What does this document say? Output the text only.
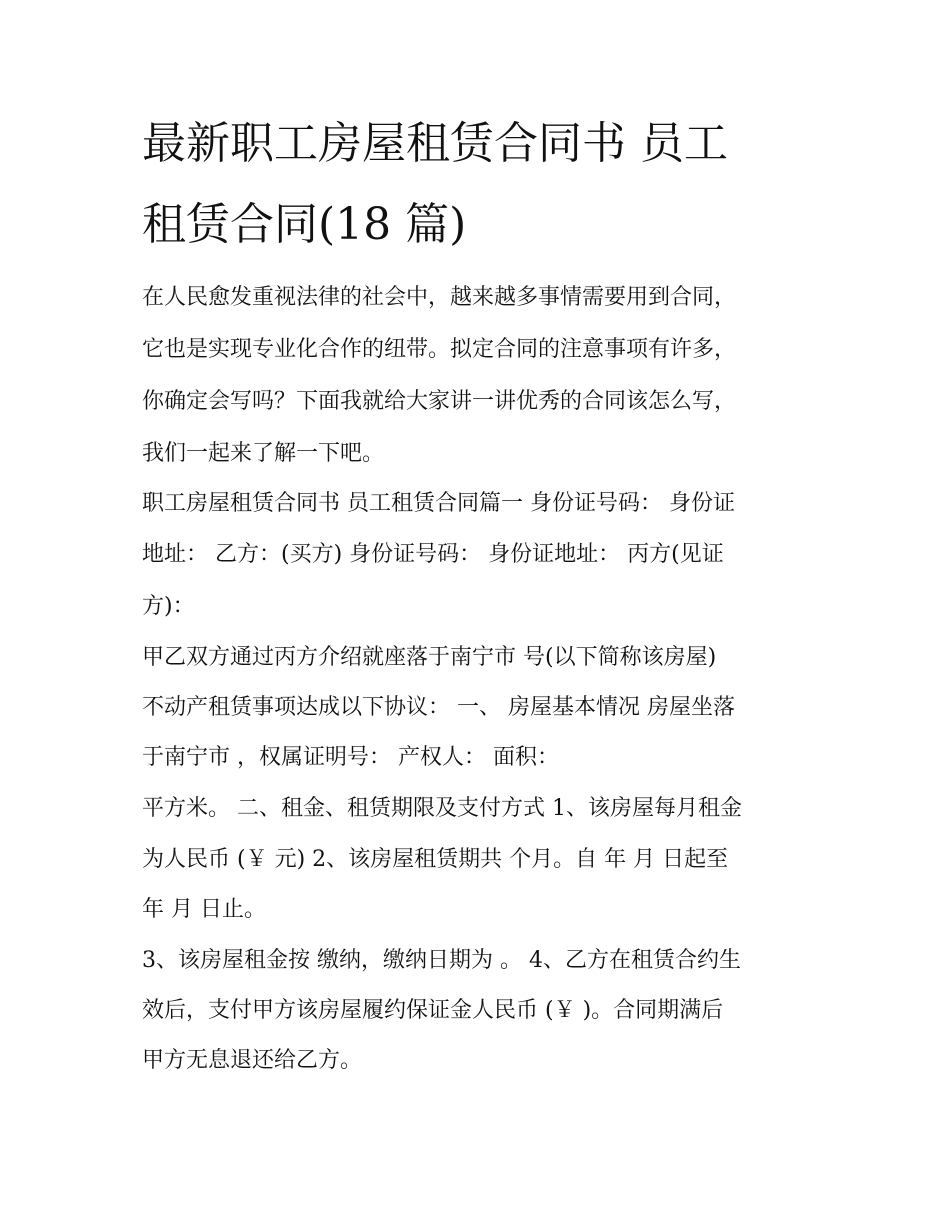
最新职工房屋租赁合同书 员工
租赁合同(18 篇)

在人民愈发重视法律的社会中，越来越多事情需要用到合同，

它也是实现专业化合作的纽带。拟定合同的注意事项有许多，

你确定会写吗？下面我就给大家讲一讲优秀的合同该怎么写，

我们一起来了解一下吧。

职工房屋租赁合同书 员工租赁合同篇一 身份证号码： 身份证

地址： 乙方：(买方) 身份证号码： 身份证地址： 丙方(见证

方)：

甲乙双方通过丙方介绍就座落于南宁市 号(以下简称该房屋)

不动产租赁事项达成以下协议： 一、 房屋基本情况 房屋坐落

于南宁市 ，权属证明号： 产权人： 面积：

平方米。 二、租金、租赁期限及支付方式 1、该房屋每月租金

为人民币 (￥ 元) 2、该房屋租赁期共 个月。自 年 月 日起至

年 月 日止。

3、该房屋租金按 缴纳，缴纳日期为 。 4、乙方在租赁合约生

效后，支付甲方该房屋履约保证金人民币 (￥ )。合同期满后

甲方无息退还给乙方。
